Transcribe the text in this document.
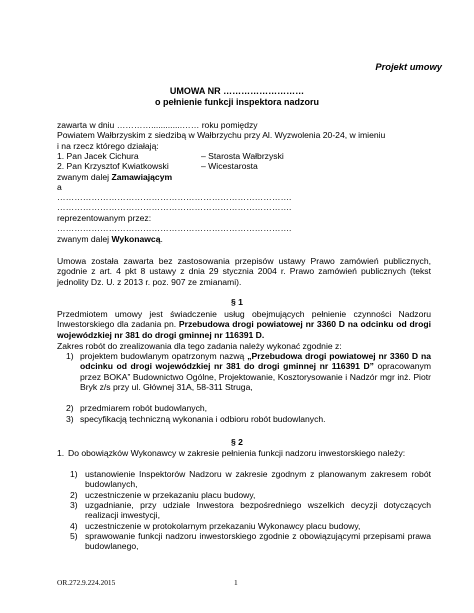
Projekt umowy
UMOWA NR ………………………
o pełnienie funkcji inspektora nadzoru
zawarta w dniu ………….............…… roku pomiędzy
Powiatem Wałbrzyskim z siedzibą w Wałbrzychu przy Al. Wyzwolenia 20-24, w imieniu
i na rzecz którego działają:
1. Pan Jacek Cichura	– Starosta Wałbrzyski
2. Pan Krzysztof Kwiatkowski	– Wicestarosta
zwanym dalej Zamawiającym
a
……………………………………………………………………….
……………………………………………………………………….
reprezentowanym przez:
……………………………………………………………………….
zwanym dalej Wykonawcą.
Umowa została zawarta bez zastosowania przepisów ustawy Prawo zamówień publicznych, zgodnie z art. 4 pkt 8 ustawy z dnia 29 stycznia 2004 r. Prawo zamówień publicznych (tekst jednolity Dz. U. z 2013 r. poz. 907 ze zmianami).
§ 1
Przedmiotem umowy jest świadczenie usług obejmujących pełnienie czynności Nadzoru Inwestorskiego dla zadania pn. Przebudowa drogi powiatowej nr 3360 D na odcinku od drogi wojewódzkiej nr 381 do drogi gminnej nr 116391 D.
Zakres robót do zrealizowania dla tego zadania należy wykonać zgodnie z:
1) projektem budowlanym opatrzonym nazwą „Przebudowa drogi powiatowej nr 3360 D na odcinku od drogi wojewódzkiej nr 381 do drogi gminnej nr 116391 D” opracowanym przez BOKA” Budownictwo Ogólne, Projektowanie, Kosztorysowanie i Nadzór mgr inż. Piotr Bryk z/s przy ul. Głównej 31A, 58-311 Struga,
2) przedmiarem robót budowlanych,
3) specyfikacją techniczną wykonania i odbioru robót budowlanych.
§ 2
1. Do obowiązków Wykonawcy w zakresie pełnienia funkcji nadzoru inwestorskiego należy:
1) ustanowienie Inspektorów Nadzoru w zakresie zgodnym z planowanym zakresem robót budowlanych,
2) uczestniczenie w przekazaniu placu budowy,
3) uzgadnianie, przy udziale Inwestora bezpośredniego wszelkich decyzji dotyczących realizacji inwestycji,
4) uczestniczenie w protokolarnym przekazaniu Wykonawcy placu budowy,
5) sprawowanie funkcji nadzoru inwestorskiego zgodnie z obowiązującymi przepisami prawa budowlanego,
OR.272.9.224.2015	1
